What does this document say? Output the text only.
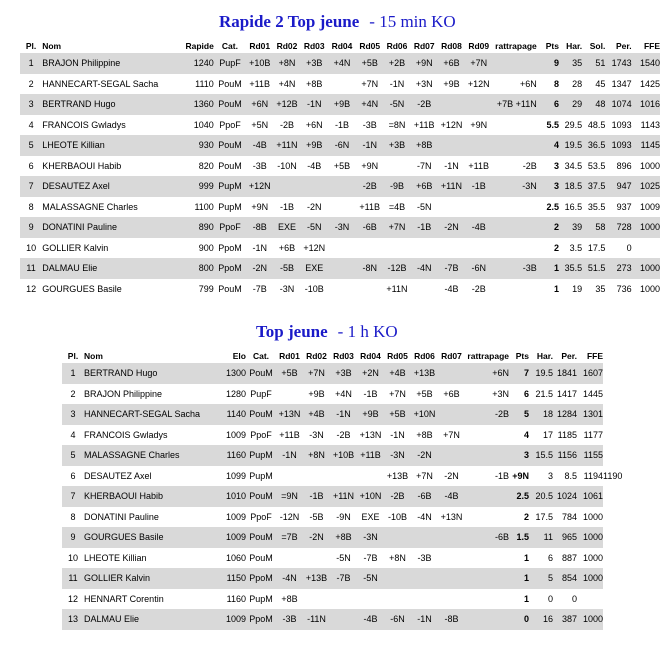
Rapide 2 Top jeune - 15 min KO
Pl.	Nom	Rapide	Cat.	Rd01	Rd02	Rd03	Rd04	Rd05	Rd06	Rd07	Rd08	Rd09	rattrapage	Pts	Har.	Sol.	Per.	FFE
1	BRAJON Philippine	1240	PupF	+10B	+8N	+3B	+4N	+5B	+2B	+9N	+6B	+7N		9	35	51	1743	1540
2	HANNECART-SEGAL Sacha	1110	PouM	+11B	+4N	+8B		+7N	-1N	+3N	+9B	+12N	+6N	8	28	45	1347	1425
3	BERTRAND Hugo	1360	PouM	+6N	+12B	-1N	+9B	+4N	-5N	-2B			+7B +11N	6	29	48	1074	1016
4	FRANCOIS Gwladys	1040	PpoF	+5N	-2B	+6N	-1B	-3B	=8N	+11B	+12N	+9N		5.5	29.5	48.5	1093	1143
5	LHEOTE Killian	930	PouM	-4B	+11N	+9B	-6N	-1N	+3B	+8B				4	19.5	36.5	1093	1145
6	KHERBAOUI Habib	820	PouM	-3B	-10N	-4B	+5B	+9N		-7N	-1N	+11B	-2B	3	34.5	53.5	896	1000
7	DESAUTEZ Axel	999	PupM	+12N				-2B	-9B	+6B	+11N	-1B	-3N	3	18.5	37.5	947	1025
8	MALASSAGNE Charles	1100	PupM	+9N	-1B	-2N		+11B	=4B	-5N				2.5	16.5	35.5	937	1009
9	DONATINI Pauline	890	PpoF	-8B	EXE	-5N	-3N	-6B	+7N	-1B	-2N	-4B		2	39	58	728	1000
10	GOLLIER Kalvin	900	PpoM	-1N	+6B	+12N								2	3.5	17.5	0	
11	DALMAU Elie	800	PpoM	-2N	-5B	EXE		-8N	-12B	-4N	-7B	-6N	-3B	1	35.5	51.5	273	1000
12	GOURGUES Basile	799	PouM	-7B	-3N	-10B			+11N		-4B	-2B		1	19	35	736	1000
Top jeune - 1 h KO
Pl.	Nom	Elo	Cat.	Rd01	Rd02	Rd03	Rd04	Rd05	Rd06	Rd07	rattrapage	Pts	Har.	Per.	FFE	
1	BERTRAND Hugo	1300	PouM	+5B	+7N	+3B	+2N	+4B	+13B		+6N	7	19.5	1841	1607	
2	BRAJON Philippine	1280	PupF		+9B	+4N	-1B	+7N	+5B	+6B	+3N	6	21.5	1417	1445	
3	HANNECART-SEGAL Sacha	1140	PouM	+13N	+4B	-1N	+9B	+5B	+10N		-2B	5	18	1284	1301	
4	FRANCOIS Gwladys	1009	PpoF	+11B	-3N	-2B	+13N	-1N	+8B	+7N		4	17	1185	1177	
5	MALASSAGNE Charles	1160	PupM	-1N	+8N	+10B	+11B	-3N	-2N			3	15.5	1156	1155	
6	DESAUTEZ Axel	1099	PupM					+13B	+7N	-2N	-1B	+9N	3	8.5	1194	1190
7	KHERBAOUI Habib	1010	PouM	=9N	-1B	+11N	+10N	-2B	-6B	-4B		2.5	20.5	1024	1061	
8	DONATINI Pauline	1009	PpoF	-12N	-5B	-9N	EXE	-10B	-4N	+13N		2	17.5	784	1000	
9	GOURGUES Basile	1009	PouM	=7B	-2N	+8B	-3N				-6B	1.5	11	965	1000	
10	LHEOTE Killian	1060	PouM			-5N	-7B	+8N	-3B			1	6	887	1000	
11	GOLLIER Kalvin	1150	PpoM	-4N	+13B	-7B	-5N					1	5	854	1000	
12	HENNART Corentin	1160	PupM	+8B								1	0	0		
13	DALMAU Elie	1009	PpoM	-3B	-11N		-4B	-6N	-1N	-8B		0	16	387	1000	
